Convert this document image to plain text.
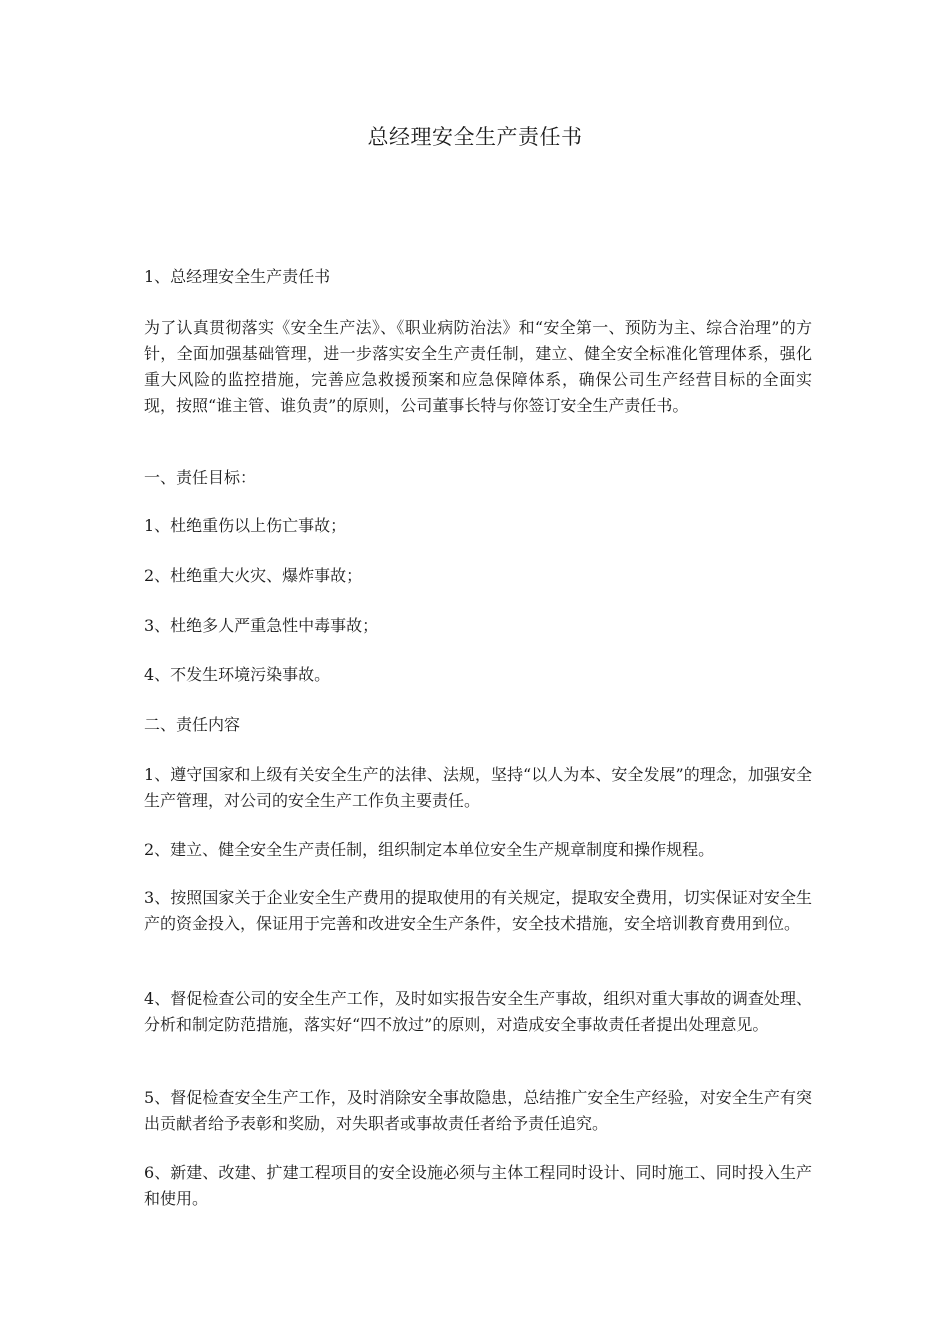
总经理安全生产责任书

1、总经理安全生产责任书

为了认真贯彻落实《安全生产法》、《职业病防治法》和“安全第一、预防为主、综合治理”的方针，全面加强基础管理，进一步落实安全生产责任制，建立、健全安全标准化管理体系，强化重大风险的监控措施，完善应急救援预案和应急保障体系，确保公司生产经营目标的全面实现，按照“谁主管、谁负责”的原则，公司董事长特与你签订安全生产责任书。

一、责任目标：

1、杜绝重伤以上伤亡事故；

2、杜绝重大火灾、爆炸事故；

3、杜绝多人严重急性中毒事故；

4、不发生环境污染事故。

二、责任内容

1、遵守国家和上级有关安全生产的法律、法规，坚持“以人为本、安全发展”的理念，加强安全生产管理，对公司的安全生产工作负主要责任。

2、建立、健全安全生产责任制，组织制定本单位安全生产规章制度和操作规程。

3、按照国家关于企业安全生产费用的提取使用的有关规定，提取安全费用，切实保证对安全生产的资金投入，保证用于完善和改进安全生产条件，安全技术措施，安全培训教育费用到位。

4、督促检查公司的安全生产工作，及时如实报告安全生产事故，组织对重大事故的调查处理、分析和制定防范措施，落实好“四不放过”的原则，对造成安全事故责任者提出处理意见。

5、督促检查安全生产工作，及时消除安全事故隐患，总结推广安全生产经验，对安全生产有突出贡献者给予表彰和奖励，对失职者或事故责任者给予责任追究。

6、新建、改建、扩建工程项目的安全设施必须与主体工程同时设计、同时施工、同时投入生产和使用。
